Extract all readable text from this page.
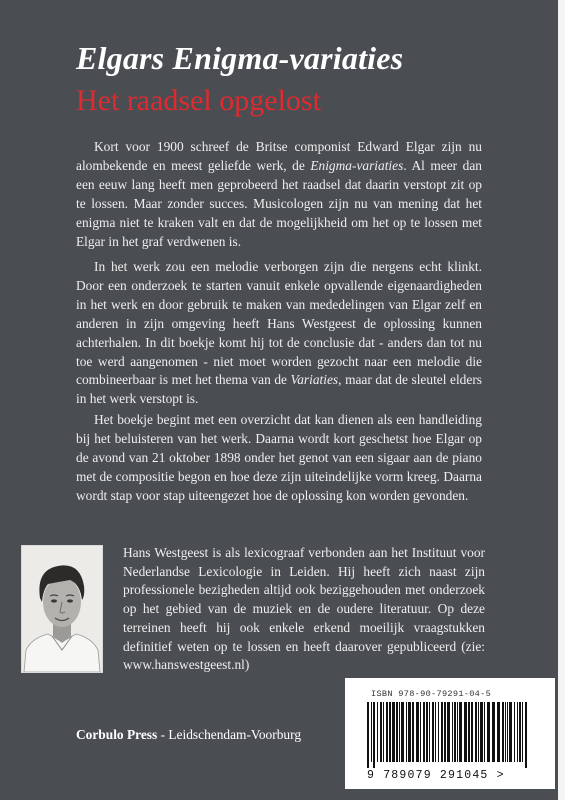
Elgars Enigma-variaties
Het raadsel opgelost

Kort voor 1900 schreef de Britse componist Edward Elgar zijn nu alombekende en meest geliefde werk, de Enigma-variaties. Al meer dan een eeuw lang heeft men geprobeerd het raadsel dat daarin verstopt zit op te lossen. Maar zonder succes. Musicologen zijn nu van mening dat het enigma niet te kraken valt en dat de mogelijkheid om het op te lossen met Elgar in het graf verdwenen is.

In het werk zou een melodie verborgen zijn die nergens echt klinkt. Door een onderzoek te starten vanuit enkele opvallende eigenaardigheden in het werk en door gebruik te maken van mededelingen van Elgar zelf en anderen in zijn omgeving heeft Hans Westgeest de oplossing kunnen achterhalen. In dit boekje komt hij tot de conclusie dat - anders dan tot nu toe werd aangenomen - niet moet worden gezocht naar een melodie die combineerbaar is met het thema van de Variaties, maar dat de sleutel elders in het werk verstopt is.

Het boekje begint met een overzicht dat kan dienen als een handleiding bij het beluisteren van het werk. Daarna wordt kort geschetst hoe Elgar op de avond van 21 oktober 1898 onder het genot van een sigaar aan de piano met de compositie begon en hoe deze zijn uiteindelijke vorm kreeg. Daarna wordt stap voor stap uiteengezet hoe de oplossing kon worden gevonden.

Hans Westgeest is als lexicograaf verbonden aan het Instituut voor Nederlandse Lexicologie in Leiden. Hij heeft zich naast zijn professionele bezigheden altijd ook beziggehouden met onderzoek op het gebied van de muziek en de oudere literatuur. Op deze terreinen heeft hij ook enkele erkend moeilijk vraagstukken definitief weten op te lossen en heeft daarover gepubliceerd (zie: www.hanswestgeest.nl)
Corbulo Press - Leidschendam-Voorburg
ISBN 978-90-79291-04-5
9 789079 291045 >
